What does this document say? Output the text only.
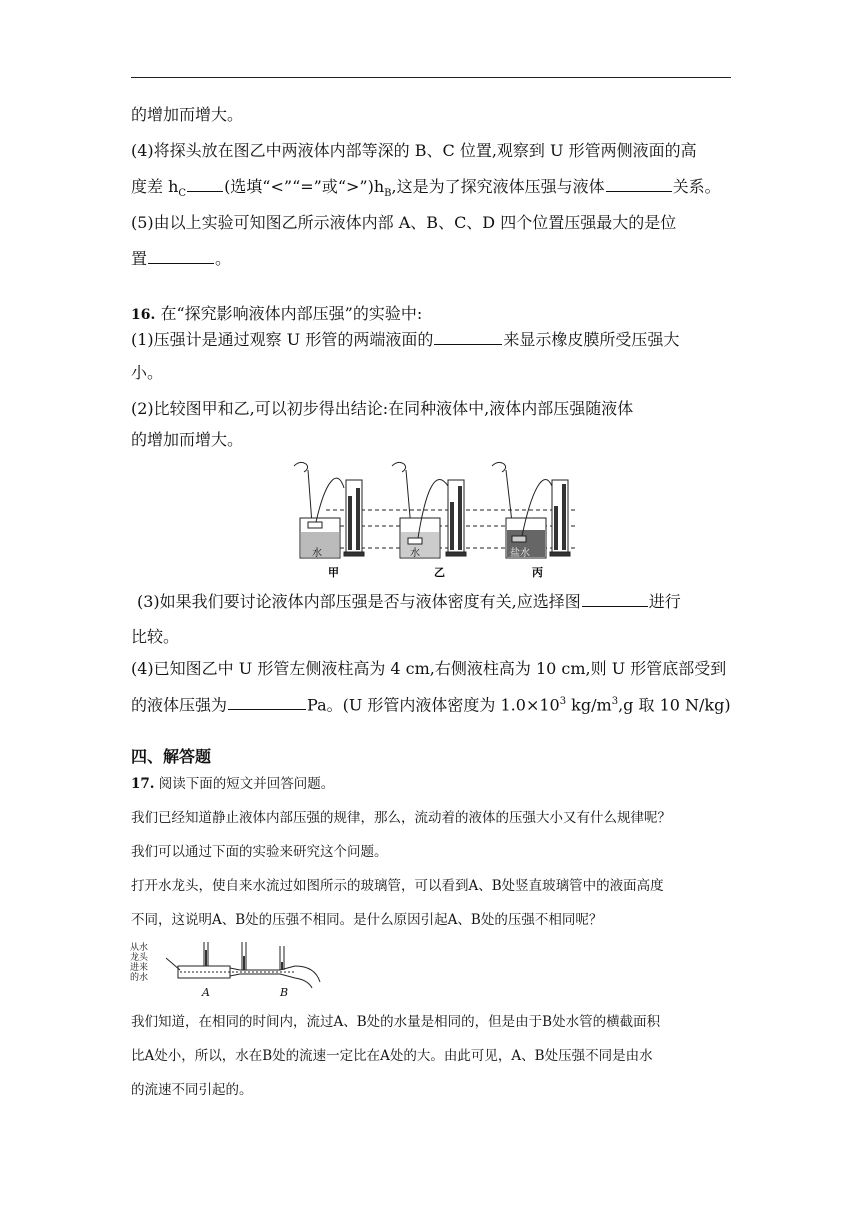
的增加而增大。
(4)将探头放在图乙中两液体内部等深的 B、C 位置,观察到 U 形管两侧液面的高
度差 $h_C$ (选填“<”“=”或“$>”)h_B$,这是为了探究液体压强与液体	关系。
(5)由以上实验可知图乙所示液体内部 A、B、C、D 四个位置压强最大的是位
置	。
16. 在“探究影响液体内部压强”的实验中:
(1)压强计是通过观察 U 形管的两端液面的	来显示橡皮膜所受压强大
小。
(2)比较图甲和乙,可以初步得出结论:在同种液体中,液体内部压强随液体
的增加而增大。
水	水	盐水
甲	乙	丙
(3)如果我们要讨论液体内部压强是否与液体密度有关,应选择图	进行
比较。
(4)已知图乙中 U 形管左侧液柱高为 4 cm,右侧液柱高为 10 cm,则 U 形管底部受到
的液体压强为	Pa。(U 形管内液体密度为 $1.0\times 10^3$ $kg/m^3,g$ 取 10 N/kg)
四、解答题
17. 阅读下面的短文并回答问题。
我们已经知道静止液体内部压强的规律，那么，流动着的液体的压强大小又有什么规律呢？
我们可以通过下面的实验来研究这个问题。
打开水龙头，使自来水流过如图所示的玻璃管，可以看到A、B处竖直玻璃管中的液面高度
不同，这说明A、B处的压强不相同。是什么原因引起A、B处的压强不相同呢？
从水
龙头
进来
的水
A	B
我们知道，在相同的时间内，流过A、B处的水量是相同的，但是由于B处水管的横截面积
比A处小，所以，水在B处的流速一定比在A处的大。由此可见，A、B处压强不同是由水
的流速不同引起的。
